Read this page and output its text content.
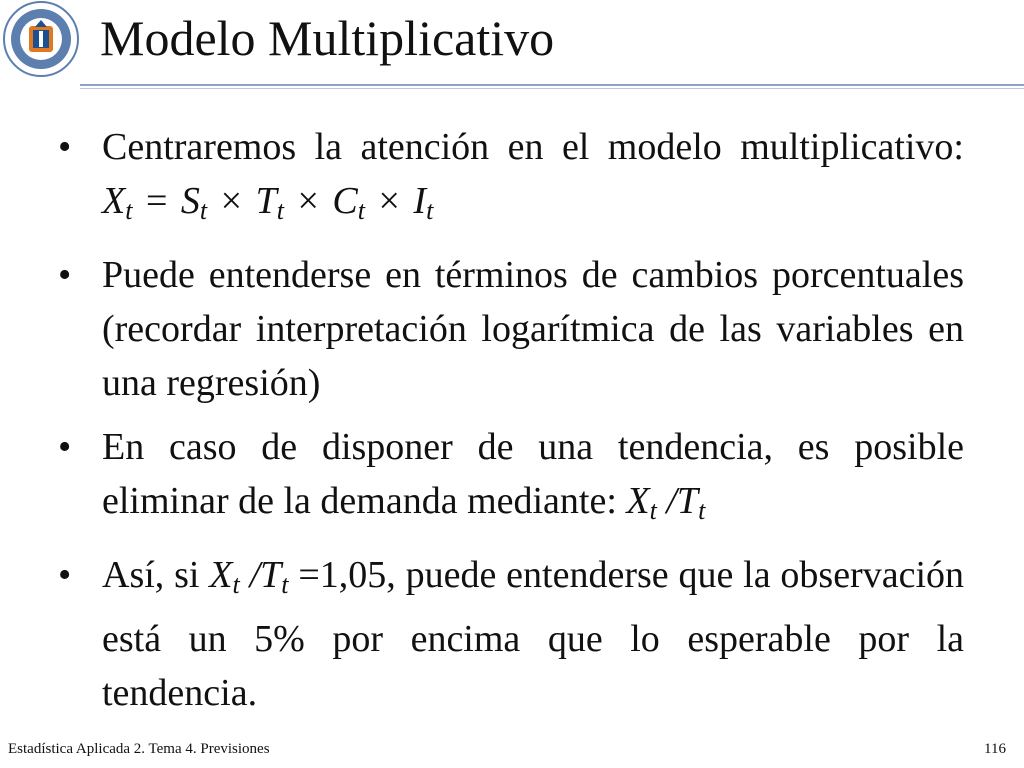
Modelo Multiplicativo
• Centraremos la atención en el modelo multiplicativo: $X_t = S_t \times T_t \times C_t \times I_t$
• Puede entenderse en términos de cambios porcentuales (recordar interpretación logarítmica de las variables en una regresión)
• En caso de disponer de una tendencia, es posible eliminar de la demanda mediante: $X_t$ $/T_t$
• Así, si $X_t$ $/T_t =1,05$, puede entenderse que la observación está un 5% por encima que lo esperable por la tendencia.
Estadística Aplicada 2. Tema 4. Previsiones	116
